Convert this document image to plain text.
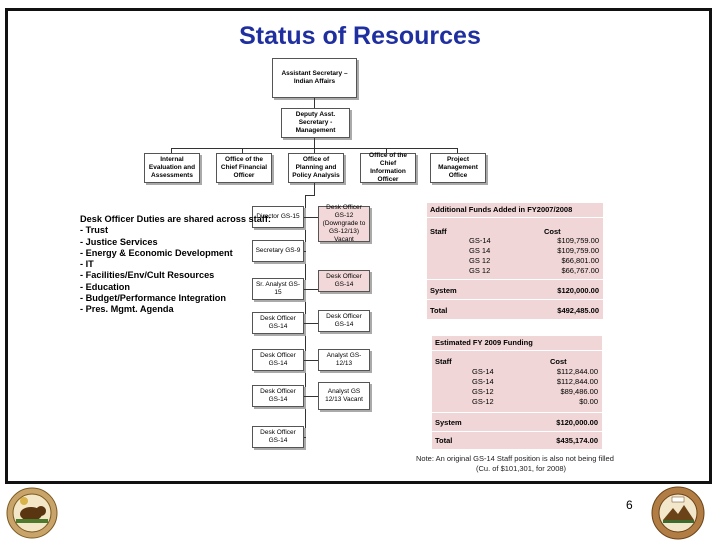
Status of Resources
Assistant Secretary – Indian Affairs
Deputy Asst. Secretary - Management
Internal Evaluation and Assessments
Office of the Chief Financial Officer
Office of Planning and Policy Analysis
Office of the Chief Information Officer
Project Management Office
Director GS-15
Secretary GS-9
Sr. Analyst GS-15
Desk Officer GS-14
Desk Officer GS-14
Desk Officer GS-14
Desk Officer GS-14
Desk Officer GS-12 (Downgrade to GS-12/13) Vacant
Desk Officer GS-14
Desk Officer GS-14
Analyst GS-12/13
Analyst GS 12/13 Vacant
Desk Officer Duties are shared across staff:
- Trust
- Justice Services
- Energy & Economic Development
- IT
- Facilities/Env/Cult Resources
- Education
- Budget/Performance Integration
- Pres. Mgmt. Agenda
Additional Funds Added in FY2007/2008
Staff	Cost
GS-14	$109,759.00
GS 14	$109,759.00
GS 12	$66,801.00
GS 12	$66,767.00
System	$120,000.00
Total	$492,485.00
Estimated FY 2009 Funding
Staff	Cost
GS-14	$112,844.00
GS-14	$112,844.00
GS-12	$89,486.00
GS-12	$0.00
System	$120,000.00
Total	$435,174.00
Note: An original GS-14 Staff position is also not being filled
(Cu. of $101,301, for 2008)
6
